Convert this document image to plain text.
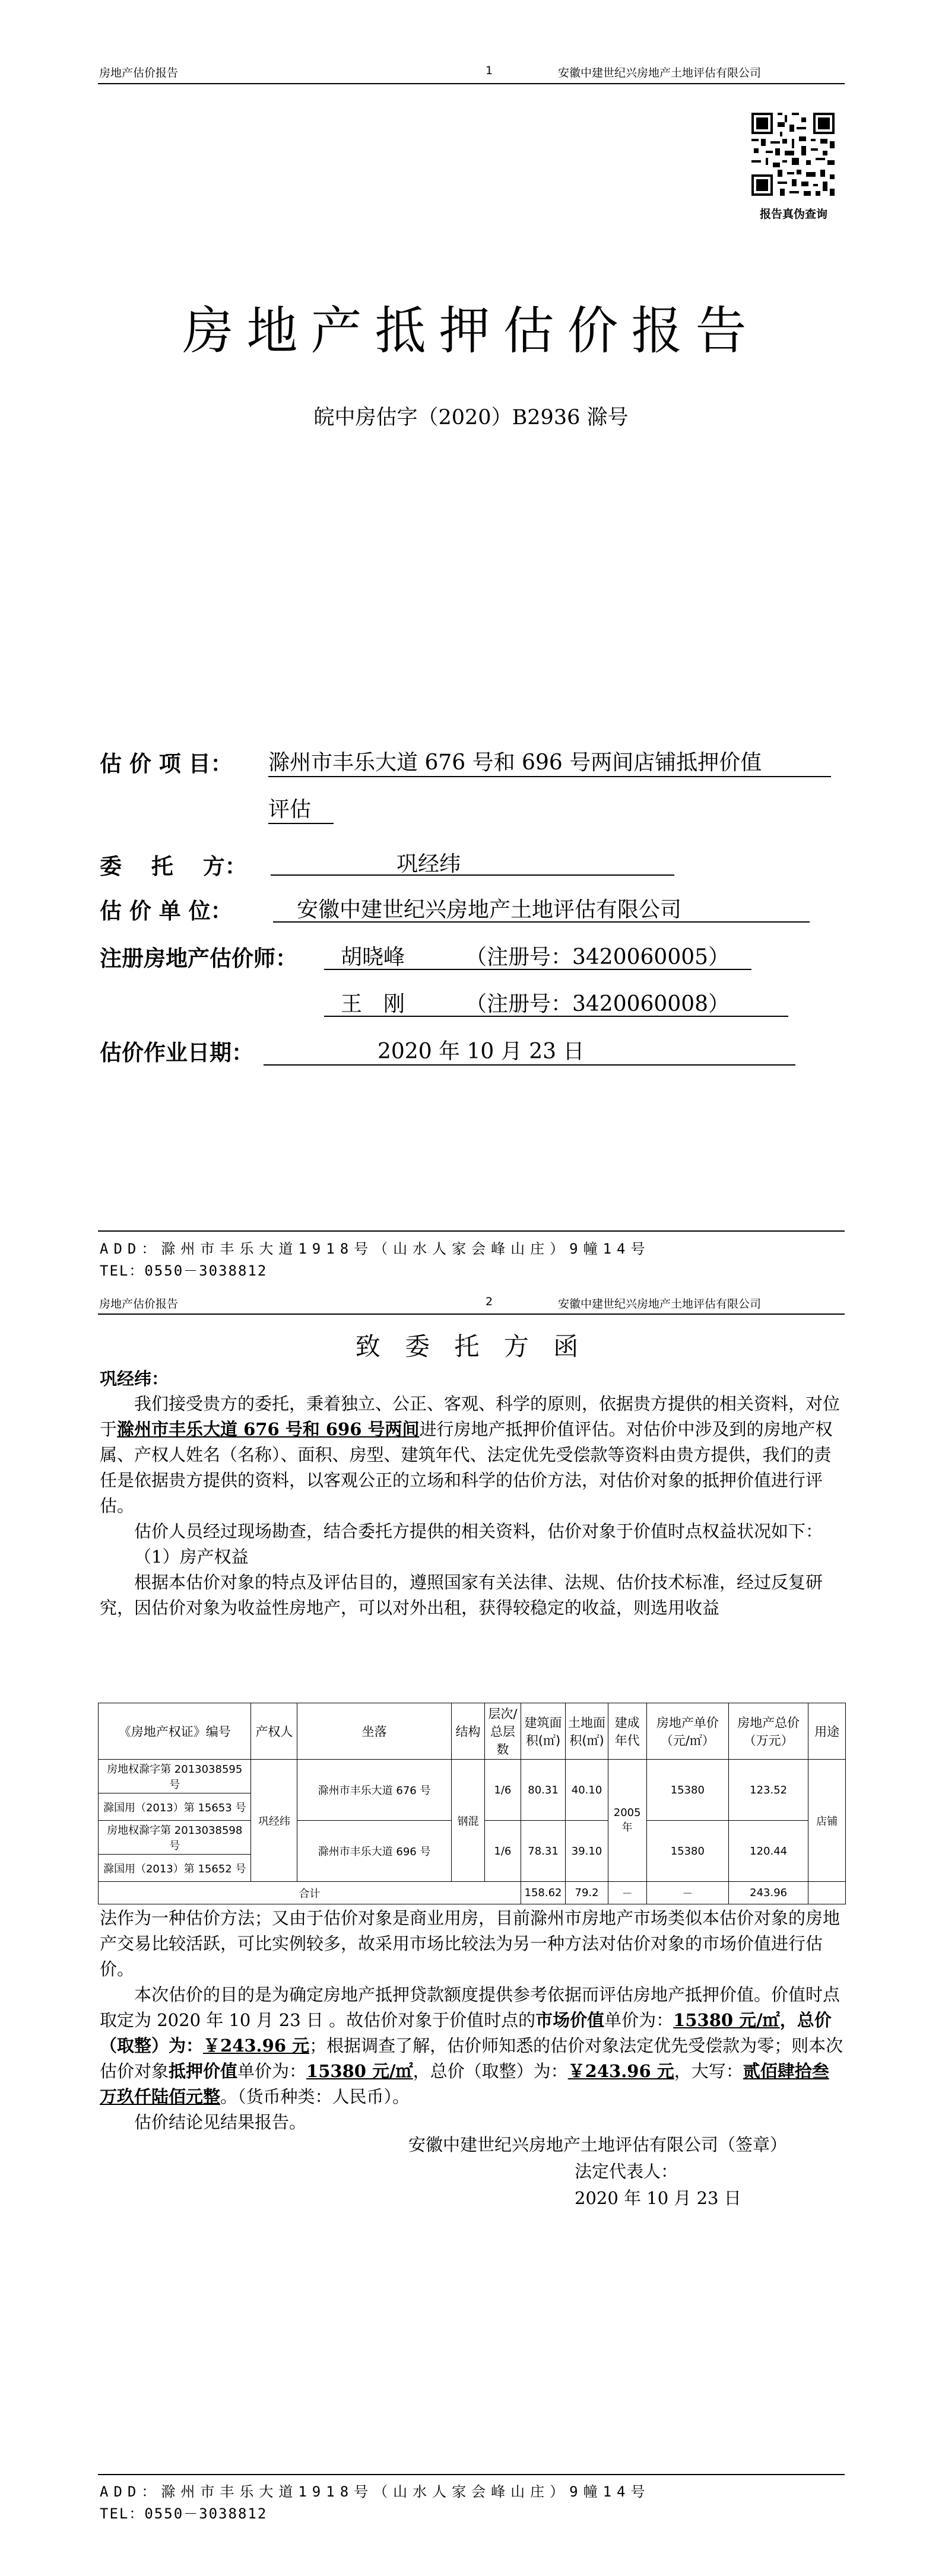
房地产估价报告	1	安徽中建世纪兴房地产土地评估有限公司
报告真伪查询
房地产抵押估价报告
皖中房估字（2020）B2936 滁号
估 价 项 目： 滁州市丰乐大道 676 号和 696 号两间店铺抵押价值
评估
委　 托　 方：	巩经纬
估 价 单 位：	安徽中建世纪兴房地产土地评估有限公司
注册房地产估价师： 胡晓峰	（注册号：3420060005）
王　刚	（注册号：3420060008）
估价作业日期：	2020 年 10 月 23 日
ADD：滁州市丰乐大道1918号（山水人家会峰山庄）9幢14号
TEL：0550－3038812
房地产估价报告	2	安徽中建世纪兴房地产土地评估有限公司
致 委 托 方 函
巩经纬：

我们接受贵方的委托，秉着独立、公正、客观、科学的原则，依据贵方提供的相关资料，对位于滁州市丰乐大道 676 号和 696 号两间进行房地产抵押价值评估。对估价中涉及到的房地产权属、产权人姓名（名称）、面积、房型、建筑年代、法定优先受偿款等资料由贵方提供，我们的责任是依据贵方提供的资料，以客观公正的立场和科学的估价方法，对估价对象的抵押价值进行评估。

估价人员经过现场勘查，结合委托方提供的相关资料，估价对象于价值时点权益状况如下：

（1）房产权益

根据本估价对象的特点及评估目的，遵照国家有关法律、法规、估价技术标准，经过反复研究，因估价对象为收益性房地产，可以对外出租，获得较稳定的收益，则选用收益

《房地产权证》编号	产权人	坐落	结构	层次/总层数	建筑面积(㎡)	土地面积(㎡)	建成年代	房地产单价（元/㎡）	房地产总价（万元）	用途

房地权滁字第 2013038595 号	巩经纬	滁州市丰乐大道 676 号	钢混	1/6	80.31	40.10	2005 年	15380	123.52	店铺
滁国用（2013）第 15653 号										
房地权滁字第 2013038598 号		滁州市丰乐大道 696 号		1/6	78.31	39.10		15380	120.44	
滁国用（2013）第 15652 号										
合计					158.62	79.2	－	－	243.96	

法作为一种估价方法；又由于估价对象是商业用房，目前滁州市房地产市场类似本估价对象的房地产交易比较活跃，可比实例较多，故采用市场比较法为另一种方法对估价对象的市场价值进行估价。

本次估价的目的是为确定房地产抵押贷款额度提供参考依据而评估房地产抵押价值。价值时点取定为 2020 年 10 月 23 日 。故估价对象于价值时点的市场价值单价为：15380 元/㎡，总价（取整）为：￥243.96 元；根据调查了解，估价师知悉的估价对象法定优先受偿款为零；则本次估价对象抵押价值单价为：15380 元/㎡，总价（取整）为：￥243.96 元，大写：贰佰肆拾叁万玖仟陆佰元整。（货币种类：人民币）。

估价结论见结果报告。

安徽中建世纪兴房地产土地评估有限公司（签章）
法定代表人：
2020 年 10 月 23 日
ADD：滁州市丰乐大道1918号（山水人家会峰山庄）9幢14号
TEL：0550－3038812
